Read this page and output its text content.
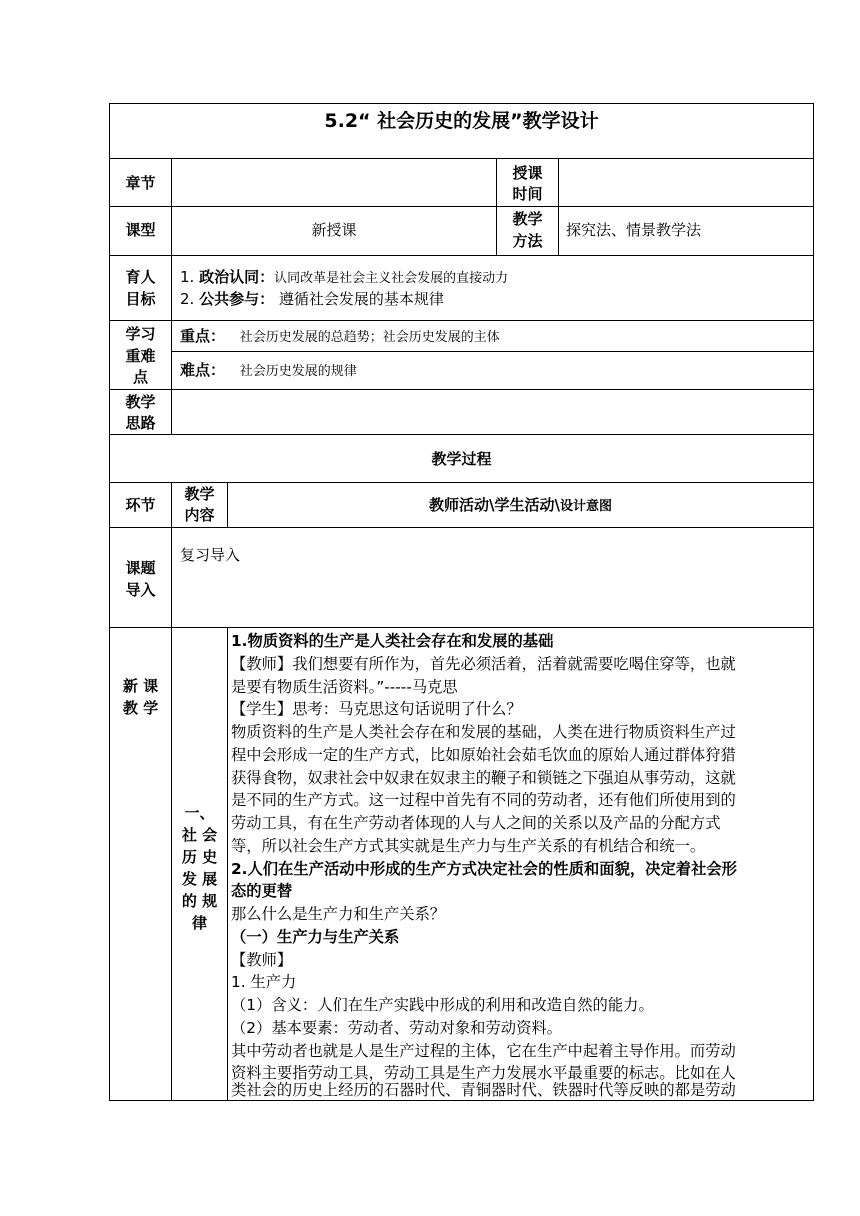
5.2“ 社会历史的发展”教学设计
章节
授课
时间
课型	新授课
教学
方法
探究法、情景教学法
育人
目标
1. 政治认同：认同改革是社会主义社会发展的直接动力
2. 公共参与： 遵循社会发展的基本规律
学习
重难
点
重点： 社会历史发展的总趋势；社会历史发展的主体
难点： 社会历史发展的规律
教学
思路
教学过程
环节
教学
内容
教师活动\学生活动\设计意图
课题
导入
复习导入
新 课
教 学
一、
社 会
历 史
发 展
的 规
律
1.物质资料的生产是人类社会存在和发展的基础
【教师】我们想要有所作为，首先必须活着，活着就需要吃喝住穿等，也就
是要有物质生活资料。”-----马克思
【学生】思考：马克思这句话说明了什么？
物质资料的生产是人类社会存在和发展的基础，人类在进行物质资料生产过
程中会形成一定的生产方式，比如原始社会茹毛饮血的原始人通过群体狩猎
获得食物，奴隶社会中奴隶在奴隶主的鞭子和锁链之下强迫从事劳动，这就
是不同的生产方式。这一过程中首先有不同的劳动者，还有他们所使用到的
劳动工具，有在生产劳动者体现的人与人之间的关系以及产品的分配方式
等，所以社会生产方式其实就是生产力与生产关系的有机结合和统一。
2.人们在生产活动中形成的生产方式决定社会的性质和面貌，决定着社会形
态的更替
那么什么是生产力和生产关系？
（一）生产力与生产关系
【教师】
1. 生产力
（1）含义：人们在生产实践中形成的利用和改造自然的能力。
（2）基本要素：劳动者、劳动对象和劳动资料。
其中劳动者也就是人是生产过程的主体，它在生产中起着主导作用。而劳动
资料主要指劳动工具，劳动工具是生产力发展水平最重要的标志。比如在人
类社会的历史上经历的石器时代、青铜器时代、铁器时代等反映的都是劳动
